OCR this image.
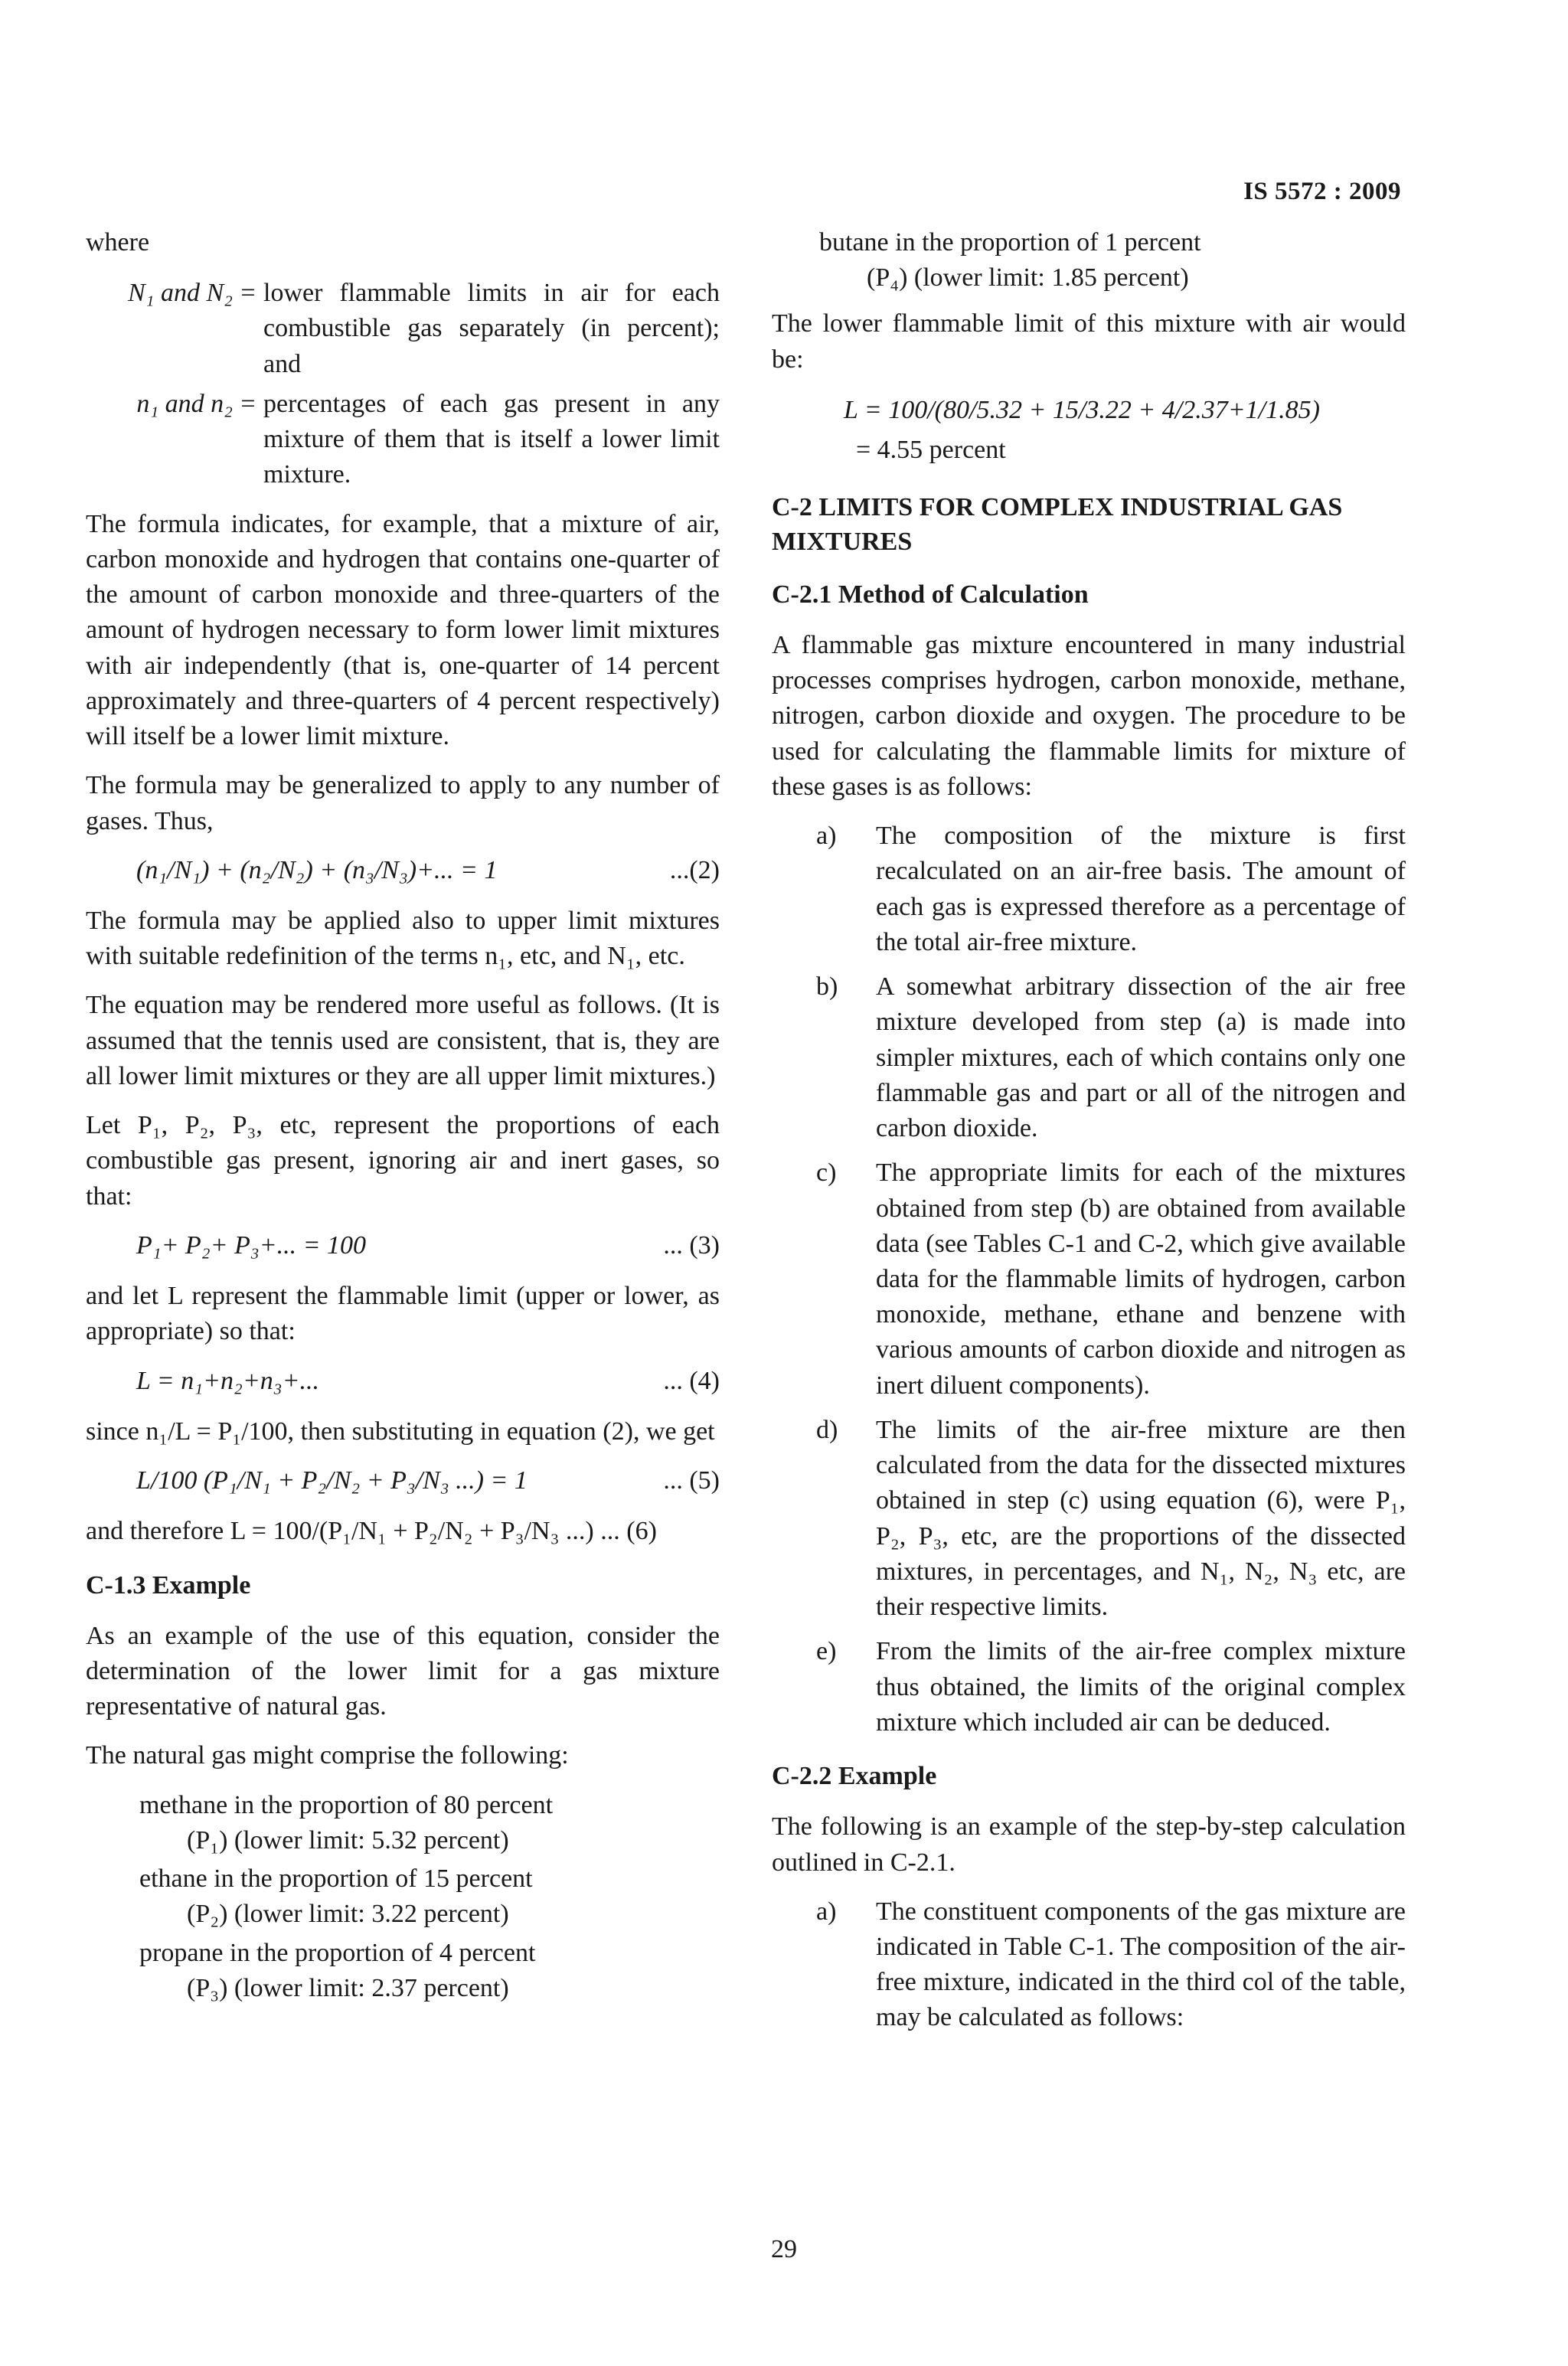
IS 5572 : 2009

where

N₁ and N₂ = lower flammable limits in air for each combustible gas separately (in percent); and
n₁ and n₂ = percentages of each gas present in any mixture of them that is itself a lower limit mixture.

The formula indicates, for example, that a mixture of air, carbon monoxide and hydrogen that contains one-quarter of the amount of carbon monoxide and three-quarters of the amount of hydrogen necessary to form lower limit mixtures with air independently (that is, one-quarter of 14 percent approximately and three-quarters of 4 percent respectively) will itself be a lower limit mixture.

The formula may be generalized to apply to any number of gases. Thus,

(n₁/N₁) + (n₂/N₂) + (n₃/N₃)+... = 1	...(2)

The formula may be applied also to upper limit mixtures with suitable redefinition of the terms n₁, etc, and N₁, etc.

The equation may be rendered more useful as follows. (It is assumed that the tennis used are consistent, that is, they are all lower limit mixtures or they are all upper limit mixtures.)

Let P₁, P₂, P₃, etc, represent the proportions of each combustible gas present, ignoring air and inert gases, so that:

P₁+ P₂+ P₃+... = 100	... (3)

and let L represent the flammable limit (upper or lower, as appropriate) so that:

L = n₁+n₂+n₃+...	... (4)

since n₁/L = P₁/100, then substituting in equation (2), we get

L/100 (P₁/N₁ + P₂/N₂ + P₃/N₃ ...) = 1	... (5)

and therefore L = 100/(P₁/N₁ + P₂/N₂ + P₃/N₃ ...) ... (6)

C-1.3 Example

As an example of the use of this equation, consider the determination of the lower limit for a gas mixture representative of natural gas.

The natural gas might comprise the following:

methane in the proportion of 80 percent
(P₁) (lower limit: 5.32 percent)
ethane in the proportion of 15 percent
(P₂) (lower limit: 3.22 percent)
propane in the proportion of 4 percent
(P₃) (lower limit: 2.37 percent)
butane in the proportion of 1 percent
(P₄) (lower limit: 1.85 percent)

The lower flammable limit of this mixture with air would be:

L = 100/(80/5.32 + 15/3.22 + 4/2.37+1/1.85)
= 4.55 percent
C-2 LIMITS FOR COMPLEX INDUSTRIAL GAS MIXTURES
C-2.1 Method of Calculation

A flammable gas mixture encountered in many industrial processes comprises hydrogen, carbon monoxide, methane, nitrogen, carbon dioxide and oxygen. The procedure to be used for calculating the flammable limits for mixture of these gases is as follows:

a)	The composition of the mixture is first recalculated on an air-free basis. The amount of each gas is expressed therefore as a percentage of the total air-free mixture.
b)	A somewhat arbitrary dissection of the air free mixture developed from step (a) is made into simpler mixtures, each of which contains only one flammable gas and part or all of the nitrogen and carbon dioxide.
c)	The appropriate limits for each of the mixtures obtained from step (b) are obtained from available data (see Tables C-1 and C-2, which give available data for the flammable limits of hydrogen, carbon monoxide, methane, ethane and benzene with various amounts of carbon dioxide and nitrogen as inert diluent components).
d)	The limits of the air-free mixture are then calculated from the data for the dissected mixtures obtained in step (c) using equation (6), were P₁, P₂, P₃, etc, are the proportions of the dissected mixtures, in percentages, and N₁, N₂, N₃ etc, are their respective limits.
e)	From the limits of the air-free complex mixture thus obtained, the limits of the original complex mixture which included air can be deduced.
C-2.2 Example

The following is an example of the step-by-step calculation outlined in C-2.1.

a)	The constituent components of the gas mixture are indicated in Table C-1. The composition of the air-free mixture, indicated in the third col of the table, may be calculated as follows:
29
